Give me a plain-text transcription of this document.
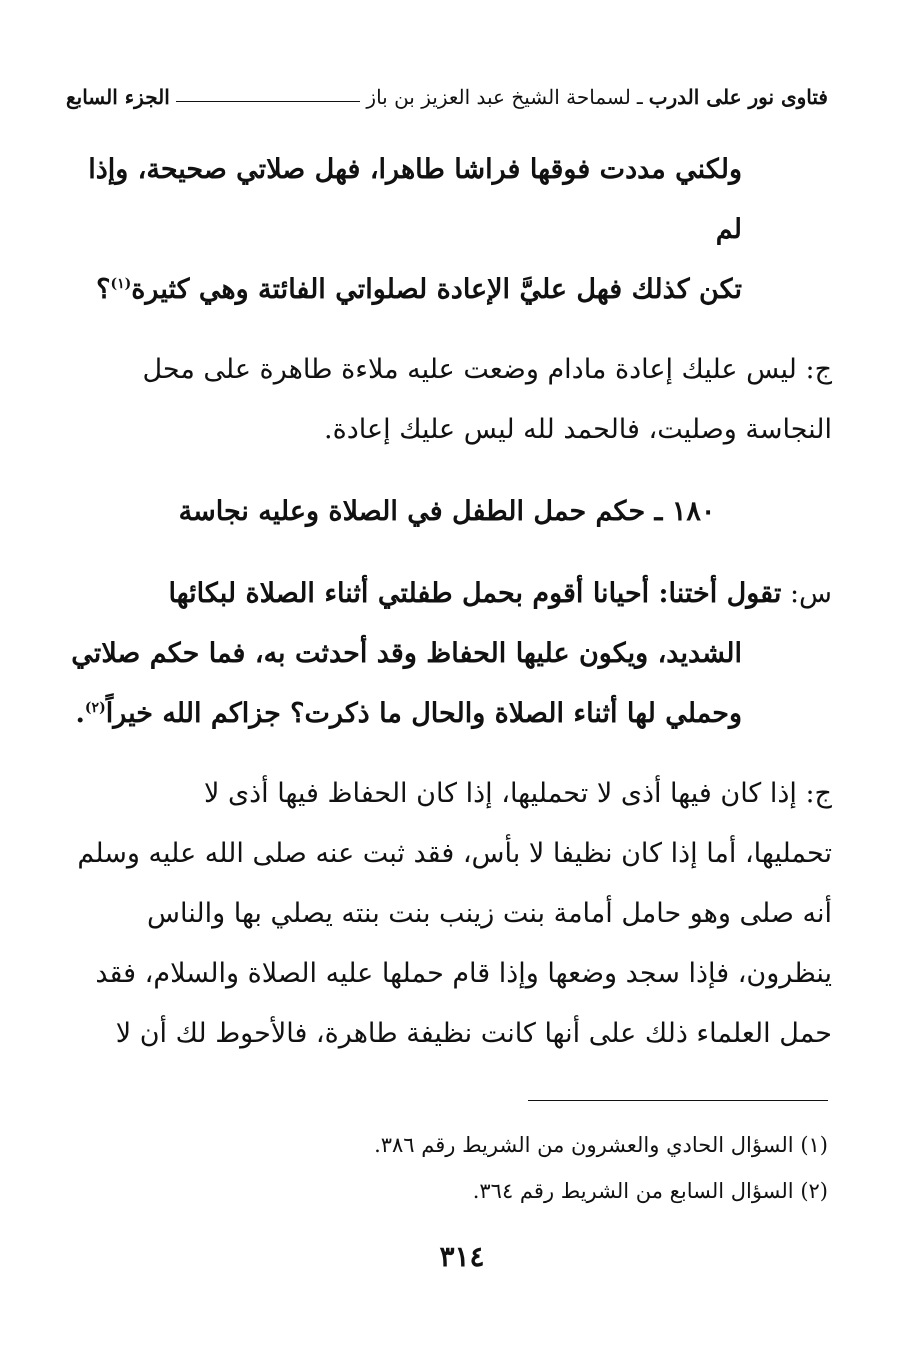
فتاوى نور على الدرب
ـ
لسماحة الشيخ عبد العزيز بن باز
الجزء السابع
ولكني مددت فوقها فراشا طاهرا، فهل صلاتي صحيحة، وإذا لم
تكن كذلك فهل عليَّ الإعادة لصلواتي الفائتة وهي كثيرة$^{(١)}$؟
ج: ليس عليك إعادة مادام وضعت عليه ملاءة طاهرة على محل
النجاسة وصليت، فالحمد لله ليس عليك إعادة.
١٨٠ ـ حكم حمل الطفل في الصلاة وعليه نجاسة
س: تقول أختنا: أحيانا أقوم بحمل طفلتي أثناء الصلاة لبكائها
الشديد، ويكون عليها الحفاظ وقد أحدثت به، فما حكم صلاتي
وحملي لها أثناء الصلاة والحال ما ذكرت؟ جزاكم الله خيراً$^{(٢)}$.
ج: إذا كان فيها أذى لا تحمليها، إذا كان الحفاظ فيها أذى لا
تحمليها، أما إذا كان نظيفا لا بأس، فقد ثبت عنه صلى الله عليه وسلم
أنه صلى وهو حامل أمامة بنت زينب بنت بنته يصلي بها والناس
ينظرون، فإذا سجد وضعها وإذا قام حملها عليه الصلاة والسلام، فقد
حمل العلماء ذلك على أنها كانت نظيفة طاهرة، فالأحوط لك أن لا
(١) السؤال الحادي والعشرون من الشريط رقم ٣٨٦.
(٢) السؤال السابع من الشريط رقم ٣٦٤.
٣١٤
